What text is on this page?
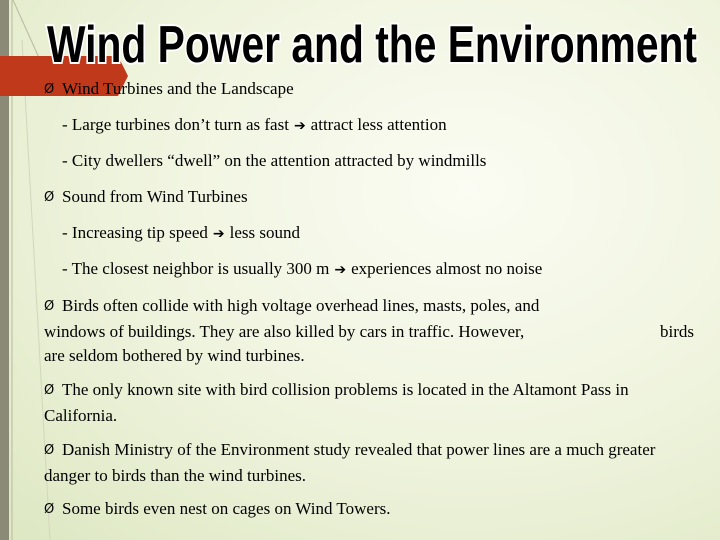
Wind Power and the Environment
Ø Wind Turbines and the Landscape
- Large turbines don’t turn as fast ➔ attract less attention
- City dwellers “dwell” on the attention attracted by windmills
Ø Sound from Wind Turbines
- Increasing tip speed ➔ less sound
- The closest neighbor is usually 300 m ➔ experiences almost no noise
Ø Birds often collide with high voltage overhead lines, masts, poles, and
windows of buildings. They are also killed by cars in traffic. However,	birds
are seldom bothered by wind turbines.
Ø The only known site with bird collision problems is located in the Altamont Pass in California.
Ø Danish Ministry of the Environment study revealed that power lines are a much greater danger to birds than the wind turbines.
Ø Some birds even nest on cages on Wind Towers.
